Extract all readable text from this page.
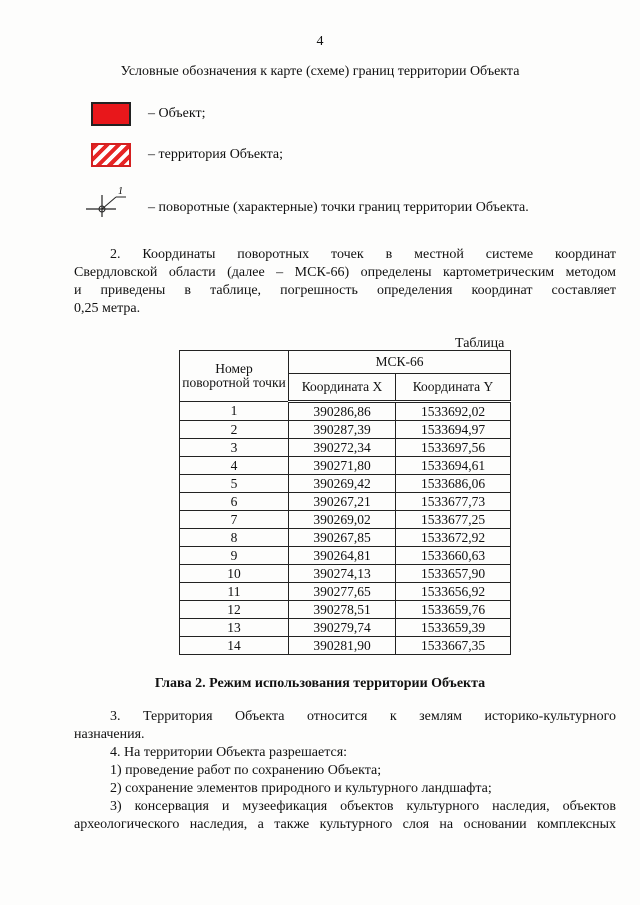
4
Условные обозначения к карте (схеме) границ территории Объекта
– Объект;
– территория Объекта;
1
– поворотные (характерные) точки границ территории Объекта.
2. Координаты поворотных точек в местной системе координат
Свердловской области (далее – МСК-66) определены картометрическим методом
и приведены в таблице, погрешность определения координат составляет
0,25 метра.
Таблица
Номер поворотной точки	МСК-66	
	Координата X	Координата Y
1	390286,86	1533692,02
2	390287,39	1533694,97
3	390272,34	1533697,56
4	390271,80	1533694,61
5	390269,42	1533686,06
6	390267,21	1533677,73
7	390269,02	1533677,25
8	390267,85	1533672,92
9	390264,81	1533660,63
10	390274,13	1533657,90
11	390277,65	1533656,92
12	390278,51	1533659,76
13	390279,74	1533659,39
14	390281,90	1533667,35
Глава 2. Режим использования территории Объекта
3. Территория Объекта относится к землям историко-культурного
назначения.
4. На территории Объекта разрешается:
1) проведение работ по сохранению Объекта;
2) сохранение элементов природного и культурного ландшафта;
3) консервация и музеефикация объектов культурного наследия, объектов
археологического наследия, а также культурного слоя на основании комплексных
